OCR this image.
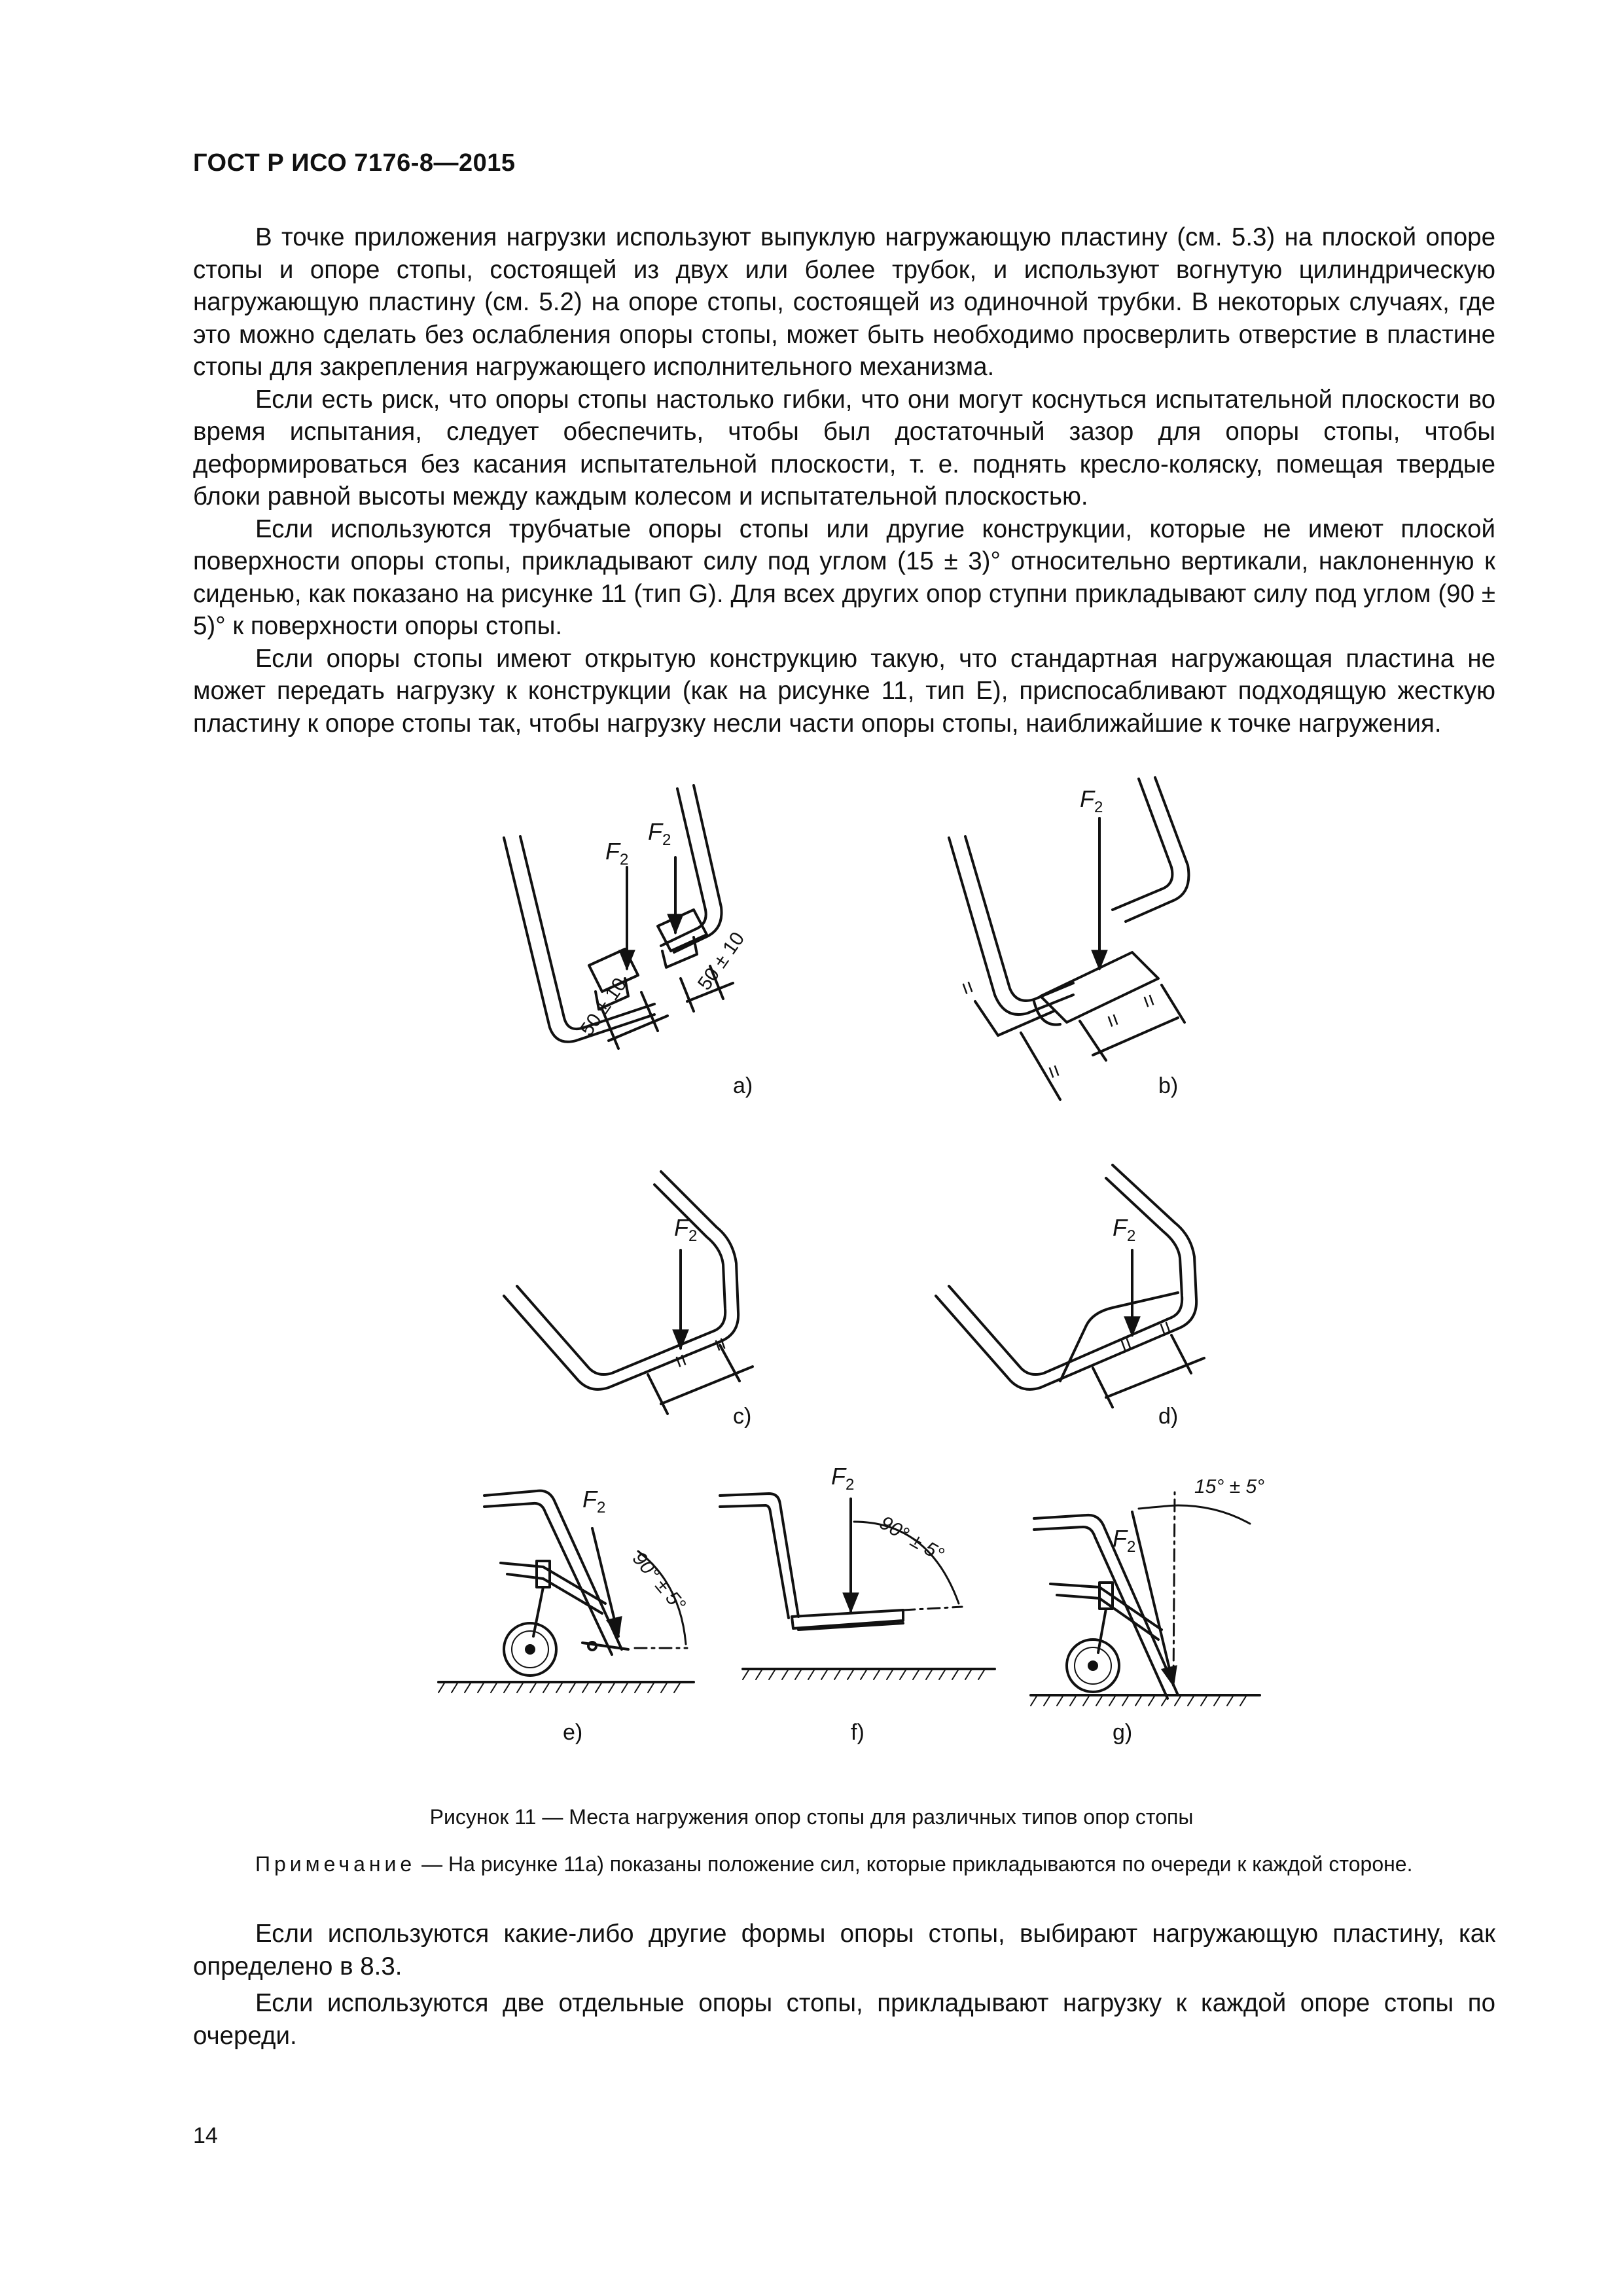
ГОСТ Р ИСО 7176-8—2015

В точке приложения нагрузки используют выпуклую нагружающую пластину (см. 5.3) на плоской опоре стопы и опоре стопы, состоящей из двух или более трубок, и используют вогнутую цилиндрическую нагружающую пластину (см. 5.2) на опоре стопы, состоящей из одиночной трубки. В некоторых случаях, где это можно сделать без ослабления опоры стопы, может быть необходимо просверлить отверстие в пластине стопы для закрепления нагружающего исполнительного механизма.

Если есть риск, что опоры стопы настолько гибки, что они могут коснуться испытательной плоскости во время испытания, следует обеспечить, чтобы был достаточный зазор для опоры стопы, чтобы деформироваться без касания испытательной плоскости, т. е. поднять кресло-коляску, помещая твердые блоки равной высоты между каждым колесом и испытательной плоскостью.

Если используются трубчатые опоры стопы или другие конструкции, которые не имеют плоской поверхности опоры стопы, прикладывают силу под углом (15 ± 3)° относительно вертикали, наклоненную к сиденью, как показано на рисунке 11 (тип G). Для всех других опор ступни прикладывают силу под углом (90 ± 5)° к поверхности опоры стопы.

Если опоры стопы имеют открытую конструкцию такую, что стандартная нагружающая пластина не может передать нагрузку к конструкции (как на рисунке 11, тип E), приспосабливают подходящую жесткую пластину к опоре стопы так, чтобы нагрузку несли части опоры стопы, наиближайшие к точке нагружения.

a)	b)
c)	d)
e)	f)	g)
$F_2$
$F_2$
$F_2$
$F_2$	$F_2$
$F_2$
$F_2$
$F_2$
50 ± 10
50 ± 10	=
=
=
=
=
=	=
=
90° ± 5°
90° ± 5°
15° ± 5°
Рисунок 11 — Места нагружения опор стопы для различных типов опор стопы
Примечание — На рисунке 11а) показаны положение сил, которые прикладываются по очереди к каждой стороне.

Если используются какие-либо другие формы опоры стопы, выбирают нагружающую пластину, как определено в 8.3.

Если используются две отдельные опоры стопы, прикладывают нагрузку к каждой опоре стопы по очереди.

14
